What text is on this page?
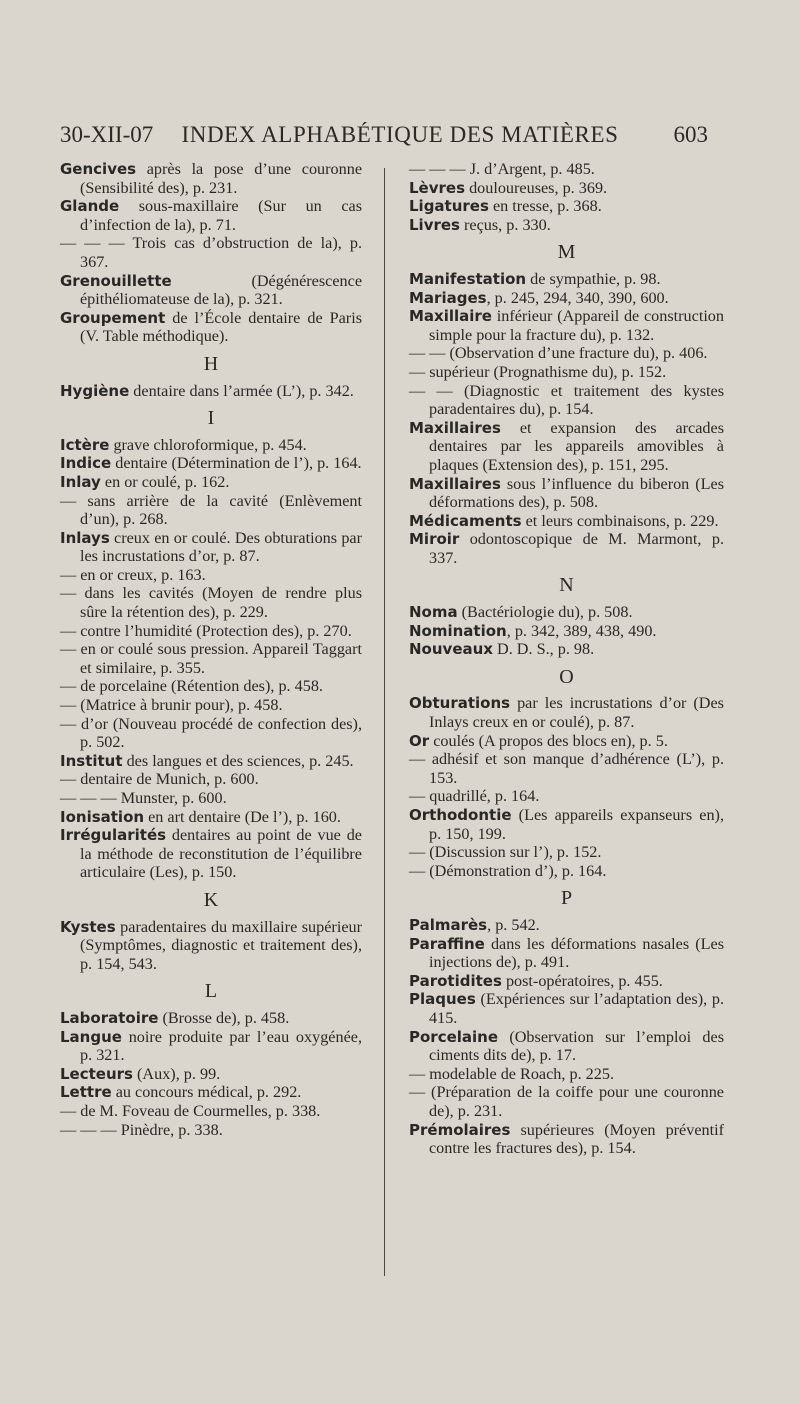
30-XII-07	INDEX ALPHABÉTIQUE DES MATIÈRES	603
Gencives après la pose d’une couronne (Sensibilité des), p. 231.
Glande sous-maxillaire (Sur un cas d’infection de la), p. 71.
— — — Trois cas d’obstruction de la), p. 367.
Grenouillette (Dégénérescence épithéliomateuse de la), p. 321.
Groupement de l’École dentaire de Paris (V. Table méthodique).
H
Hygiène dentaire dans l’armée (L’), p. 342.
I
Ictère grave chloroformique, p. 454.
Indice dentaire (Détermination de l’), p. 164.
Inlay en or coulé, p. 162.
— sans arrière de la cavité (Enlèvement d’un), p. 268.
Inlays creux en or coulé. Des obturations par les incrustations d’or, p. 87.
— en or creux, p. 163.
— dans les cavités (Moyen de rendre plus sûre la rétention des), p. 229.
— contre l’humidité (Protection des), p. 270.
— en or coulé sous pression. Appareil Taggart et similaire, p. 355.
— de porcelaine (Rétention des), p. 458.
— (Matrice à brunir pour), p. 458.
— d’or (Nouveau procédé de confection des), p. 502.
Institut des langues et des sciences, p. 245.
— dentaire de Munich, p. 600.
— — — Munster, p. 600.
Ionisation en art dentaire (De l’), p. 160.
Irrégularités dentaires au point de vue de la méthode de reconstitution de l’équilibre articulaire (Les), p. 150.
K
Kystes paradentaires du maxillaire supérieur (Symptômes, diagnostic et traitement des), p. 154, 543.
L
Laboratoire (Brosse de), p. 458.
Langue noire produite par l’eau oxygénée, p. 321.
Lecteurs (Aux), p. 99.
Lettre au concours médical, p. 292.
— de M. Foveau de Courmelles, p. 338.
— — — Pinèdre, p. 338.
— — — J. d’Argent, p. 485.
Lèvres douloureuses, p. 369.
Ligatures en tresse, p. 368.
Livres reçus, p. 330.
M
Manifestation de sympathie, p. 98.
Mariages, p. 245, 294, 340, 390, 600.
Maxillaire inférieur (Appareil de construction simple pour la fracture du), p. 132.
— — (Observation d’une fracture du), p. 406.
— supérieur (Prognathisme du), p. 152.
— — (Diagnostic et traitement des kystes paradentaires du), p. 154.
Maxillaires et expansion des arcades dentaires par les appareils amovibles à plaques (Extension des), p. 151, 295.
Maxillaires sous l’influence du biberon (Les déformations des), p. 508.
Médicaments et leurs combinaisons, p. 229.
Miroir odontoscopique de M. Marmont, p. 337.
N
Noma (Bactériologie du), p. 508.
Nomination, p. 342, 389, 438, 490.
Nouveaux D. D. S., p. 98.
O
Obturations par les incrustations d’or (Des Inlays creux en or coulé), p. 87.
Or coulés (A propos des blocs en), p. 5.
— adhésif et son manque d’adhérence (L’), p. 153.
— quadrillé, p. 164.
Orthodontie (Les appareils expanseurs en), p. 150, 199.
— (Discussion sur l’), p. 152.
— (Démonstration d’), p. 164.
P
Palmarès, p. 542.
Paraffine dans les déformations nasales (Les injections de), p. 491.
Parotidites post-opératoires, p. 455.
Plaques (Expériences sur l’adaptation des), p. 415.
Porcelaine (Observation sur l’emploi des ciments dits de), p. 17.
— modelable de Roach, p. 225.
— (Préparation de la coiffe pour une couronne de), p. 231.
Prémolaires supérieures (Moyen préventif contre les fractures des), p. 154.
